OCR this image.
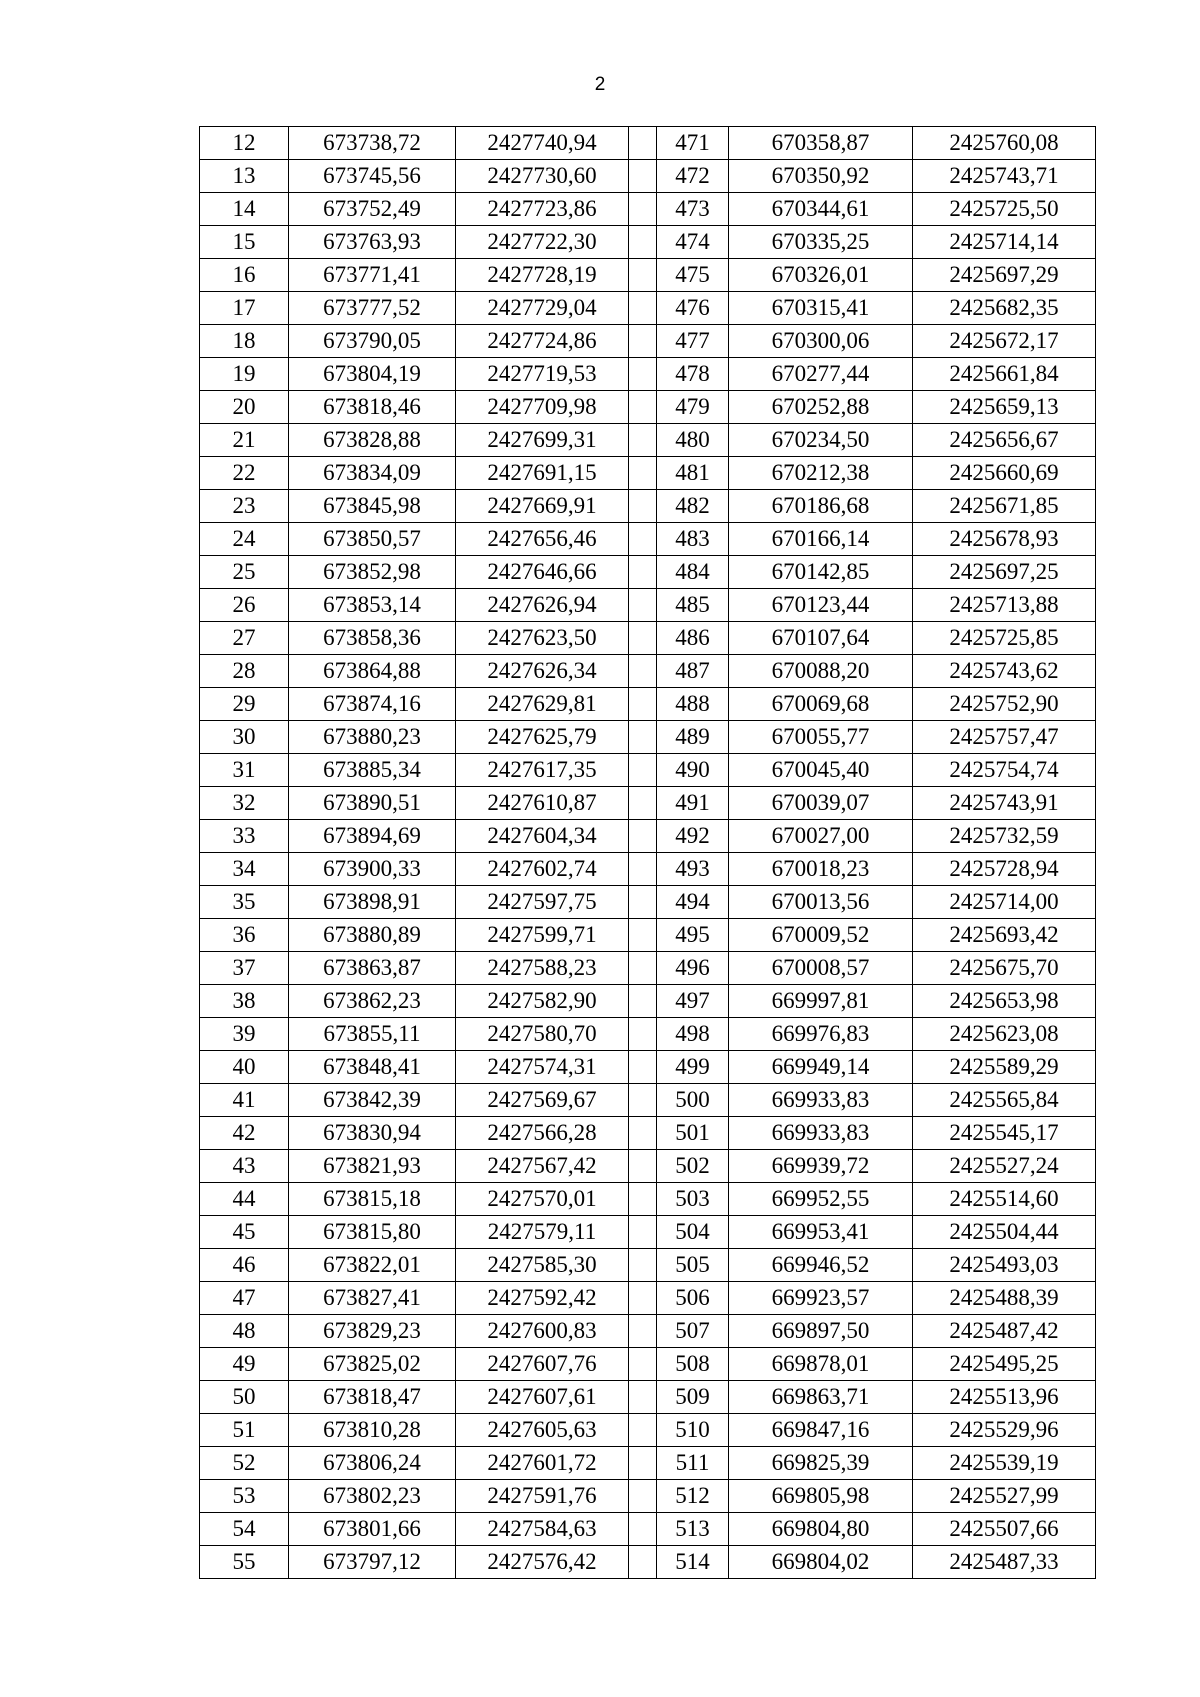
2
12	673738,72	2427740,94		471	670358,87	2425760,08
13	673745,56	2427730,60		472	670350,92	2425743,71
14	673752,49	2427723,86		473	670344,61	2425725,50
15	673763,93	2427722,30		474	670335,25	2425714,14
16	673771,41	2427728,19		475	670326,01	2425697,29
17	673777,52	2427729,04		476	670315,41	2425682,35
18	673790,05	2427724,86		477	670300,06	2425672,17
19	673804,19	2427719,53		478	670277,44	2425661,84
20	673818,46	2427709,98		479	670252,88	2425659,13
21	673828,88	2427699,31		480	670234,50	2425656,67
22	673834,09	2427691,15		481	670212,38	2425660,69
23	673845,98	2427669,91		482	670186,68	2425671,85
24	673850,57	2427656,46		483	670166,14	2425678,93
25	673852,98	2427646,66		484	670142,85	2425697,25
26	673853,14	2427626,94		485	670123,44	2425713,88
27	673858,36	2427623,50		486	670107,64	2425725,85
28	673864,88	2427626,34		487	670088,20	2425743,62
29	673874,16	2427629,81		488	670069,68	2425752,90
30	673880,23	2427625,79		489	670055,77	2425757,47
31	673885,34	2427617,35		490	670045,40	2425754,74
32	673890,51	2427610,87		491	670039,07	2425743,91
33	673894,69	2427604,34		492	670027,00	2425732,59
34	673900,33	2427602,74		493	670018,23	2425728,94
35	673898,91	2427597,75		494	670013,56	2425714,00
36	673880,89	2427599,71		495	670009,52	2425693,42
37	673863,87	2427588,23		496	670008,57	2425675,70
38	673862,23	2427582,90		497	669997,81	2425653,98
39	673855,11	2427580,70		498	669976,83	2425623,08
40	673848,41	2427574,31		499	669949,14	2425589,29
41	673842,39	2427569,67		500	669933,83	2425565,84
42	673830,94	2427566,28		501	669933,83	2425545,17
43	673821,93	2427567,42		502	669939,72	2425527,24
44	673815,18	2427570,01		503	669952,55	2425514,60
45	673815,80	2427579,11		504	669953,41	2425504,44
46	673822,01	2427585,30		505	669946,52	2425493,03
47	673827,41	2427592,42		506	669923,57	2425488,39
48	673829,23	2427600,83		507	669897,50	2425487,42
49	673825,02	2427607,76		508	669878,01	2425495,25
50	673818,47	2427607,61		509	669863,71	2425513,96
51	673810,28	2427605,63		510	669847,16	2425529,96
52	673806,24	2427601,72		511	669825,39	2425539,19
53	673802,23	2427591,76		512	669805,98	2425527,99
54	673801,66	2427584,63		513	669804,80	2425507,66
55	673797,12	2427576,42		514	669804,02	2425487,33
